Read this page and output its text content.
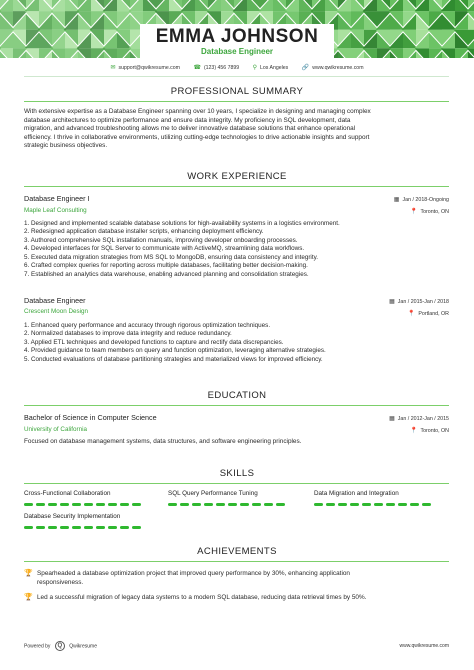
EMMA JOHNSON
Database Engineer
✉ support@qwikresume.com ☎ (123) 456 7899 ⚲ Los Angeles 🔗 www.qwikresume.com
PROFESSIONAL SUMMARY
With extensive expertise as a Database Engineer spanning over 10 years, I specialize in designing and managing complex
database architectures to optimize performance and ensure data integrity. My proficiency in SQL development, data
migration, and advanced troubleshooting allows me to deliver innovative database solutions that enhance operational
efficiency. I thrive in collaborative environments, utilizing cutting-edge technologies to drive actionable insights and support
strategic business objectives.
WORK EXPERIENCE
Database Engineer I	▦ Jan / 2018-Ongoing
Maple Leaf Consulting	📍 Toronto, ON
1. Designed and implemented scalable database solutions for high-availability systems in a logistics environment.
2. Redesigned application database installer scripts, enhancing deployment efficiency.
3. Authored comprehensive SQL installation manuals, improving developer onboarding processes.
4. Developed interfaces for SQL Server to communicate with ActiveMQ, streamlining data workflows.
5. Executed data migration strategies from MS SQL to MongoDB, ensuring data consistency and integrity.
6. Crafted complex queries for reporting across multiple databases, facilitating better decision-making.
7. Established an analytics data warehouse, enabling advanced planning and consolidation strategies.
Database Engineer	▦ Jan / 2015-Jan / 2018
Crescent Moon Design	📍 Portland, OR
1. Enhanced query performance and accuracy through rigorous optimization techniques.
2. Normalized databases to improve data integrity and reduce redundancy.
3. Applied ETL techniques and developed functions to capture and rectify data discrepancies.
4. Provided guidance to team members on query and function optimization, leveraging alternative strategies.
5. Conducted evaluations of database partitioning strategies and materialized views for improved efficiency.
EDUCATION
Bachelor of Science in Computer Science	▦ Jan / 2012-Jan / 2015
University of California	📍 Toronto, ON
Focused on database management systems, data structures, and software engineering principles.
SKILLS
Cross-Functional Collaboration	SQL Query Performance Tuning	Data Migration and Integration
Database Security Implementation
ACHIEVEMENTS
🏆 Spearheaded a database optimization project that improved query performance by 30%, enhancing application
responsiveness.
🏆 Led a successful migration of legacy data systems to a modern SQL database, reducing data retrieval times by 50%.
Powered by Q Qwikresume	www.qwikresume.com
